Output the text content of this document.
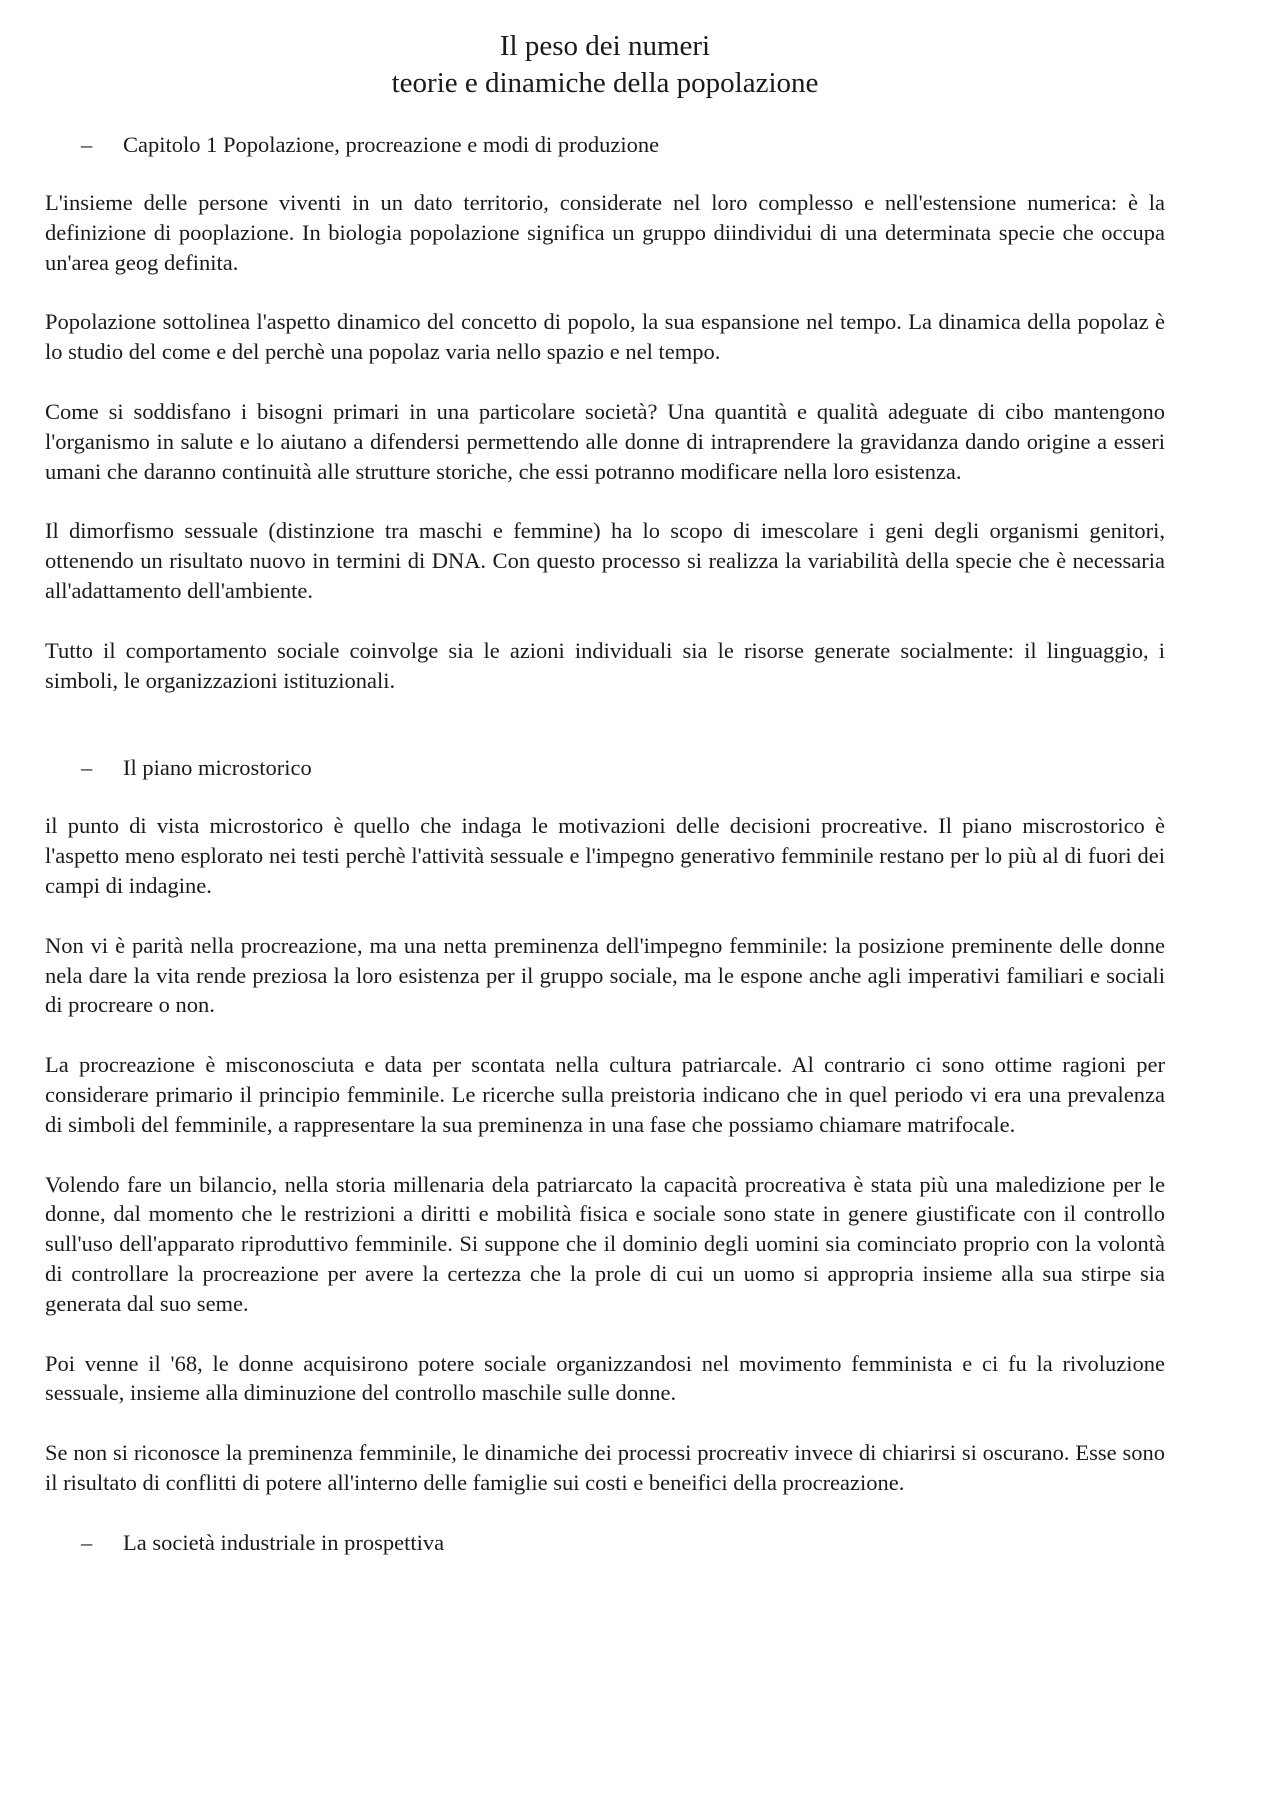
Il peso dei numeri
teorie e dinamiche della popolazione
– Capitolo 1 Popolazione, procreazione e modi di produzione

L'insieme delle persone viventi in un dato territorio, considerate nel loro complesso e nell'estensione numerica: è la definizione di pooplazione. In biologia popolazione significa un gruppo diindividui di una determinata specie che occupa un'area geog definita.

Popolazione sottolinea l'aspetto dinamico del concetto di popolo, la sua espansione nel tempo. La dinamica della popolaz è lo studio del come e del perchè una popolaz varia nello spazio e nel tempo.

Come si soddisfano i bisogni primari in una particolare società? Una quantità e qualità adeguate di cibo mantengono l'organismo in salute e lo aiutano a difendersi permettendo alle donne di intraprendere la gravidanza dando origine a esseri umani che daranno continuità alle strutture storiche, che essi potranno modificare nella loro esistenza.

Il dimorfismo sessuale (distinzione tra maschi e femmine) ha lo scopo di imescolare i geni degli organismi genitori, ottenendo un risultato nuovo in termini di DNA. Con questo processo si realizza la variabilità della specie che è necessaria all'adattamento dell'ambiente.

Tutto il comportamento sociale coinvolge sia le azioni individuali sia le risorse generate socialmente: il linguaggio, i simboli, le organizzazioni istituzionali.

– Il piano microstorico

il punto di vista microstorico è quello che indaga le motivazioni delle decisioni procreative. Il piano miscrostorico è l'aspetto meno esplorato nei testi perchè l'attività sessuale e l'impegno generativo femminile restano per lo più al di fuori dei campi di indagine.

Non vi è parità nella procreazione, ma una netta preminenza dell'impegno femminile: la posizione preminente delle donne nela dare la vita rende preziosa la loro esistenza per il gruppo sociale, ma le espone anche agli imperativi familiari e sociali di procreare o non.

La procreazione è misconosciuta e data per scontata nella cultura patriarcale. Al contrario ci sono ottime ragioni per considerare primario il principio femminile. Le ricerche sulla preistoria indicano che in quel periodo vi era una prevalenza di simboli del femminile, a rappresentare la sua preminenza in una fase che possiamo chiamare matrifocale.

Volendo fare un bilancio, nella storia millenaria dela patriarcato la capacità procreativa è stata più una maledizione per le donne, dal momento che le restrizioni a diritti e mobilità fisica e sociale sono state in genere giustificate con il controllo sull'uso dell'apparato riproduttivo femminile. Si suppone che il dominio degli uomini sia cominciato proprio con la volontà di controllare la procreazione per avere la certezza che la prole di cui un uomo si appropria insieme alla sua stirpe sia generata dal suo seme.

Poi venne il '68, le donne acquisirono potere sociale organizzandosi nel movimento femminista e ci fu la rivoluzione sessuale, insieme alla diminuzione del controllo maschile sulle donne.

Se non si riconosce la preminenza femminile, le dinamiche dei processi procreativ invece di chiarirsi si oscurano. Esse sono il risultato di conflitti di potere all'interno delle famiglie sui costi e beneifici della procreazione.

– La società industriale in prospettiva
